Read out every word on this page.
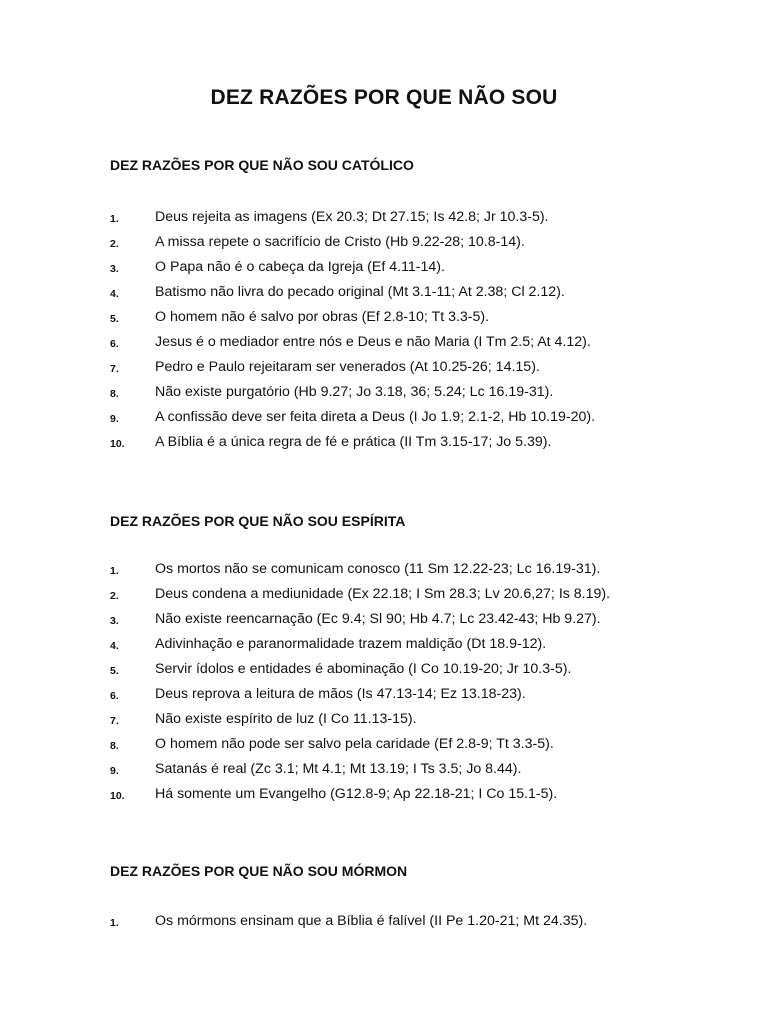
DEZ RAZÕES POR QUE NÃO SOU
DEZ RAZÕES POR QUE NÃO SOU CATÓLICO
1.	Deus rejeita as imagens (Ex 20.3; Dt 27.15; Is 42.8; Jr 10.3-5).
2.	A missa repete o sacrifício de Cristo (Hb 9.22-28; 10.8-14).
3.	O Papa não é o cabeça da Igreja (Ef 4.11-14).
4.	Batismo não livra do pecado original (Mt 3.1-11; At 2.38; Cl 2.12).
5.	O homem não é salvo por obras (Ef 2.8-10; Tt 3.3-5).
6.	Jesus é o mediador entre nós e Deus e não Maria (I Tm 2.5; At 4.12).
7.	Pedro e Paulo rejeitaram ser venerados (At 10.25-26; 14.15).
8.	Não existe purgatório (Hb 9.27; Jo 3.18, 36; 5.24; Lc 16.19-31).
9.	A confissão deve ser feita direta a Deus (I Jo 1.9; 2.1-2, Hb 10.19-20).
10. A Bíblia é a única regra de fé e prática (II Tm 3.15-17; Jo 5.39).
DEZ RAZÕES POR QUE NÃO SOU ESPÍRITA
1.	Os mortos não se comunicam conosco (11 Sm 12.22-23; Lc 16.19-31).
2.	Deus condena a mediunidade (Ex 22.18; I Sm 28.3; Lv 20.6,27; Is 8.19).
3.	Não existe reencarnação (Ec 9.4; Sl 90; Hb 4.7; Lc 23.42-43; Hb 9.27).
4.	Adivinhação e paranormalidade trazem maldição (Dt 18.9-12).
5.	Servir ídolos e entidades é abominação (I Co 10.19-20; Jr 10.3-5).
6.	Deus reprova a leitura de mãos (Is 47.13-14; Ez 13.18-23).
7.	Não existe espírito de luz (I Co 11.13-15).
8.	O homem não pode ser salvo pela caridade (Ef 2.8-9; Tt 3.3-5).
9.	Satanás é real (Zc 3.1; Mt 4.1; Mt 13.19; I Ts 3.5; Jo 8.44).
10. Há somente um Evangelho (G12.8-9; Ap 22.18-21; I Co 15.1-5).
DEZ RAZÕES POR QUE NÃO SOU MÓRMON
1.	Os mórmons ensinam que a Bíblia é falível (II Pe 1.20-21; Mt 24.35).
